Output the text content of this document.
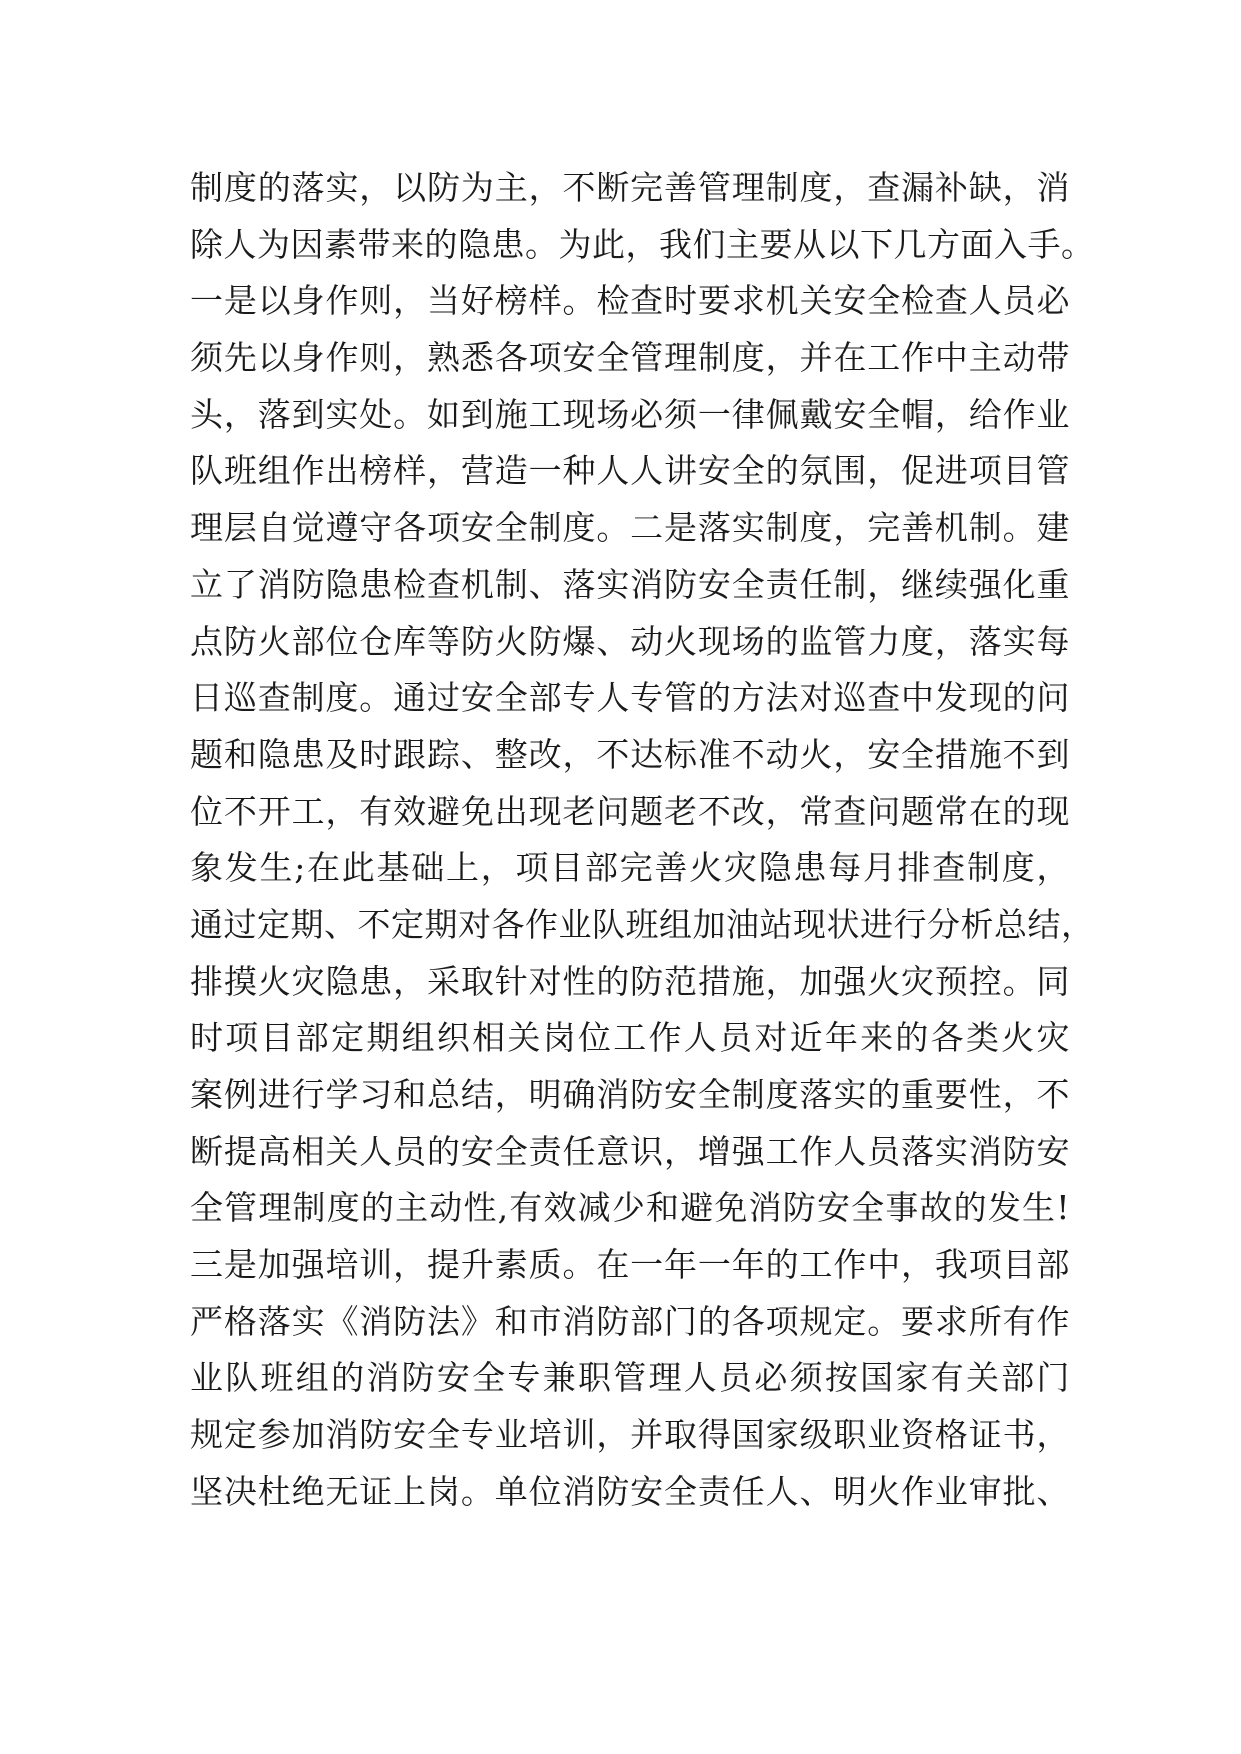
制度的落实，以防为主，不断完善管理制度，查漏补缺，消
除人为因素带来的隐患。为此，我们主要从以下几方面入手。
一是以身作则，当好榜样。检查时要求机关安全检查人员必
须先以身作则，熟悉各项安全管理制度，并在工作中主动带
头，落到实处。如到施工现场必须一律佩戴安全帽，给作业
队班组作出榜样，营造一种人人讲安全的氛围，促进项目管
理层自觉遵守各项安全制度。二是落实制度，完善机制。建
立了消防隐患检查机制、落实消防安全责任制，继续强化重
点防火部位仓库等防火防爆、动火现场的监管力度，落实每
日巡查制度。通过安全部专人专管的方法对巡查中发现的问
题和隐患及时跟踪、整改，不达标准不动火，安全措施不到
位不开工，有效避免出现老问题老不改，常查问题常在的现
象发生;在此基础上，项目部完善火灾隐患每月排查制度，
通过定期、不定期对各作业队班组加油站现状进行分析总结，
排摸火灾隐患，采取针对性的防范措施，加强火灾预控。同
时项目部定期组织相关岗位工作人员对近年来的各类火灾
案例进行学习和总结，明确消防安全制度落实的重要性，不
断提高相关人员的安全责任意识，增强工作人员落实消防安
全管理制度的主动性,有效减少和避免消防安全事故的发生!
三是加强培训，提升素质。在一年一年的工作中，我项目部
严格落实《消防法》和市消防部门的各项规定。要求所有作
业队班组的消防安全专兼职管理人员必须按国家有关部门
规定参加消防安全专业培训，并取得国家级职业资格证书，
坚决杜绝无证上岗。单位消防安全责任人、明火作业审批、
